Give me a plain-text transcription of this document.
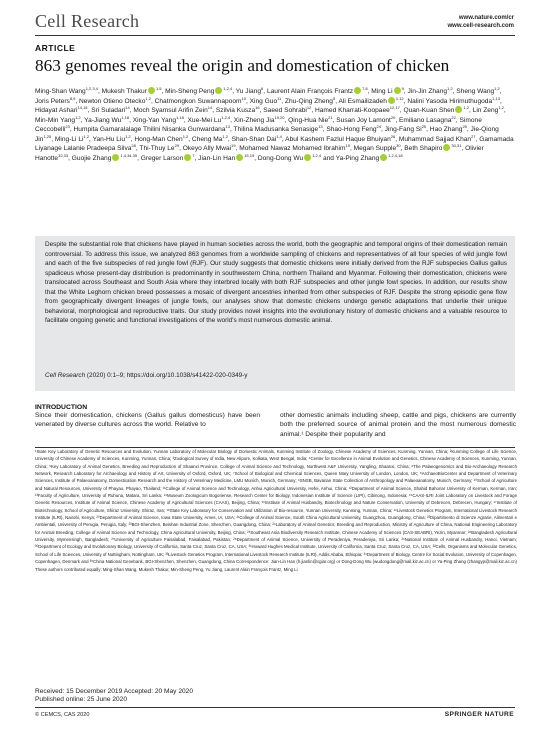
Cell Research	www.nature.com/cr
www.cell-research.com
ARTICLE
863 genomes reveal the origin and domestication of chicken
Ming-Shan Wang$^{1,2,3,4}$, Mukesh Thakur $^{1,5}$, Min-Sheng Peng $^{1,2,4}$, Yu Jiang$^6$, Laurent Alain François Frantz $^{7,8}$, Ming Li $^9$, Jin-Jin Zhang$^{1,2}$, Sheng Wang$^{1,2}$, Joris Peters$^{8,9}$, Newton Otieno Otecko$^{1,2}$, Chatmongkon Suwannapoom$^{10}$, Xing Guo$^{11}$, Zhu-Qing Zheng$^5$, Ali Esmailizadeh $^{1,12}$, Nalini Yasoda Hirimuthugoda$^{1,13}$, Hidayat Ashari$^{14,15}$, Sri Suladari$^{14}$, Moch Syamsul Arifin Zein$^{14}$, Szilvia Kusza$^{16}$, Saeed Sohrabi$^{12}$, Hamed Kharrati-Koopaee$^{12,17}$, Quan-Kuan Shen $^{1,2}$, Lin Zeng$^{1,2}$, Min-Min Yang$^{1,2}$, Ya-Jiang Wu$^{1,18}$, Xing-Yan Yang$^{1,18}$, Xue-Mei Lu$^{1,2,4}$, Xin-Zheng Jia$^{19,20}$, Qing-Hua Nie$^{21}$, Susan Joy Lamont$^{20}$, Emiliano Lasagna$^{22}$, Simone Ceccobelli$^{23}$, Humpita Gamaralalage Thilini Nisanka Gunwardana$^{13}$, Thilina Madusanka Senasige$^{13}$, Shao-Hong Feng$^{24}$, Jing-Fang Si$^{25}$, Hao Zhang$^{25}$, Jie-Qiong Jin$^{1,25}$, Ming-Li Li$^{1,2}$, Yan-Hu Liu$^{1,2}$, Hong-Man Chen$^{1,2}$, Cheng Ma$^{1,2}$, Shan-Shan Dai$^{1,4}$, Abul Kashem Fazlul Haque Bhuiyan$^{26}$, Muhammad Sajjad Khan$^{27}$, Gamamada Liyanage Lalanie Pradeepa Silva$^{28}$, Thi-Thuy Le$^{29}$, Okeyo Ally Mwai$^{19}$, Mohamed Nawaz Mohamed Ibrahim$^{19}$, Megan Supple$^{30}$, Beth Shapiro $^{30,31}$, Olivier Hanotte$^{32,33}$, Guojie Zhang $^{1,4,34,35}$, Greger Larson $^7$, Jian-Lin Han $^{15,19}$, Dong-Dong Wu $^{1,2,4}$ and Ya-Ping Zhang $^{1,2,4,18}$

Despite the substantial role that chickens have played in human societies across the world, both the geographic and temporal origins of their domestication remain controversial. To address this issue, we analyzed 863 genomes from a worldwide sampling of chickens and representatives of all four species of wild jungle fowl and each of the five subspecies of red jungle fowl (RJF). Our study suggests that domestic chickens were initially derived from the RJF subspecies Gallus gallus spadiceus whose present-day distribution is predominantly in southwestern China, northern Thailand and Myanmar. Following their domestication, chickens were translocated across Southeast and South Asia where they interbred locally with both RJF subspecies and other jungle fowl species. In addition, our results show that the White Leghorn chicken breed possesses a mosaic of divergent ancestries inherited from other subspecies of RJF. Despite the strong episodic gene flow from geographically divergent lineages of jungle fowls, our analyses show that domestic chickens undergo genetic adaptations that underlie their unique behavioral, morphological and reproductive traits. Our study provides novel insights into the evolutionary history of domestic chickens and a valuable resource to facilitate ongoing genetic and functional investigations of the world's most numerous domestic animal.

Cell Research (2020) 0:1–9; https://doi.org/10.1038/s41422-020-0349-y
INTRODUCTION

Since their domestication, chickens (Gallus gallus domesticus) have been venerated by diverse cultures across the world. Relative to

other domestic animals including sheep, cattle and pigs, chickens are currently both the preferred source of animal protein and the most numerous domestic animal.¹ Despite their popularity and

¹State Key Laboratory of Genetic Resources and Evolution, Yunnan Laboratory of Molecular Biology of Domestic Animals, Kunming Institute of Zoology, Chinese Academy of Sciences, Kunming, Yunnan, China; ²Kunming College of Life Science, University of Chinese Academy of Sciences, Kunming, Yunnan, China; ³Zoological Survey of India, New Alipore, Kolkata, West Bengal, India; ⁴Center for Excellence in Animal Evolution and Genetics, Chinese Academy of Sciences, Kunming, Yunnan, China; ⁵Key Laboratory of Animal Genetics, Breeding and Reproduction of Shaanxi Province, College of Animal Science and Technology, Northwest A&F University, Yangling, Shaanxi, China; ⁶The Palaeogenomics and Bio-Archaeology Research Network, Research Laboratory for Archaeology and History of Art, University of Oxford, Oxford, UK; ⁷School of Biological and Chemical Sciences, Queen Mary University of London, London, UK; ⁸ArchaeoBioCenter and Department of Veterinary Sciences, Institute of Palaeoanatomy, Domestication Research and the History of Veterinary Medicine, LMU Munich, Munich, Germany; ⁹SNSB, Bavarian State Collection of Anthropology and Palaeoanatomy, Munich, Germany; ¹⁰School of Agriculture and Natural Resources, University of Phayao, Phayao, Thailand; ¹¹College of Animal Science and Technology, Anhui Agricultural University, Hefei, Anhui, China; ¹²Department of Animal Science, Shahid Bahonar University of Kerman, Kerman, Iran; ¹³Faculty of Agriculture, University of Ruhuna, Matara, Sri Lanka; ¹⁴Museum Zoologicum Bogoriense, Research Center for Biology, Indonesian Institute of Science (LIPI), Cibinong, Indonesia; ¹⁵CAAS-ILRI Joint Laboratory on Livestock and Forage Genetic Resources, Institute of Animal Science, Chinese Academy of Agricultural Sciences (CAAS), Beijing, China; ¹⁶Institute of Animal Husbandry, Biotechnology and Nature Conservation, University of Debrecen, Debrecen, Hungary; ¹⁷Institute of Biotechnology, School of Agriculture, Shiraz University, Shiraz, Iran; ¹⁸State Key Laboratory for Conservation and Utilization of Bio-resource, Yunnan University, Kunming, Yunnan, China; ¹⁹Livestock Genetics Program, International Livestock Research Institute (ILRI), Nairobi, Kenya; ²⁰Department of Animal Science, Iowa State University, Ames, IA, USA; ²¹College of Animal Science, South China Agricultural University, Guangzhou, Guangdong, China; ²²Dipartimento di Scienze Agrarie, Alimentari e Ambientali, University of Perugia, Perugia, Italy; ²³BGI-Shenzhen, Beishan Industrial Zone, Shenzhen, Guangdong, China; ²⁴Laboratory of Animal Genetics, Breeding and Reproduction, Ministry of Agriculture of China, National Engineering Laboratory for Animal Breeding, College of Animal Science and Technology, China Agricultural University, Beijing, China; ²⁵Southeast Asia Biodiversity Research Institute, Chinese Academy of Sciences (CAS-SEABRI), Yezin, Myanmar; ²⁶Bangladesh Agricultural University, Mymensingh, Bangladesh; ²⁷University of Agriculture Faisalabad, Faisalabad, Pakistan; ²⁸Department of Animal Science, University of Peradeniya, Peradeniya, Sri Lanka; ²⁹National Institute of Animal Husbandry, Hanoi, Vietnam; ³⁰Department of Ecology and Evolutionary Biology, University of California, Santa Cruz, Santa Cruz, CA, USA; ³¹Howard Hughes Medical Institute, University of California, Santa Cruz, Santa Cruz, CA, USA; ³²Cells, Organisms and Molecular Genetics, School of Life Sciences, University of Nottingham, Nottingham, UK; ³³Livestock Genetics Program, International Livestock Research Institute (ILRI), Addis Ababa, Ethiopia; ³⁴Department of Biology, Centre for Social Evolution, University of Copenhagen, Copenhagen, Denmark and ³⁵China National Genebank, BGI-Shenzhen, Shenzhen, Guangdong, China Correspondence: Jian-Lin Han (h.jianlin@cgiar.org) or Dong-Dong Wu (wudongdong@mail.kiz.ac.cn) or Ya-Ping Zhang (zhangyp@mail.kiz.ac.cn) These authors contributed equally: Ming-Shan Wang, Mukesh Thakur, Min-Sheng Peng, Yu Jiang, Laurent Alain François Frantz, Ming Li

Received: 15 December 2019 Accepted: 20 May 2020
Published online: 25 June 2020
© CEMCS, CAS 2020	SPRINGER NATURE
